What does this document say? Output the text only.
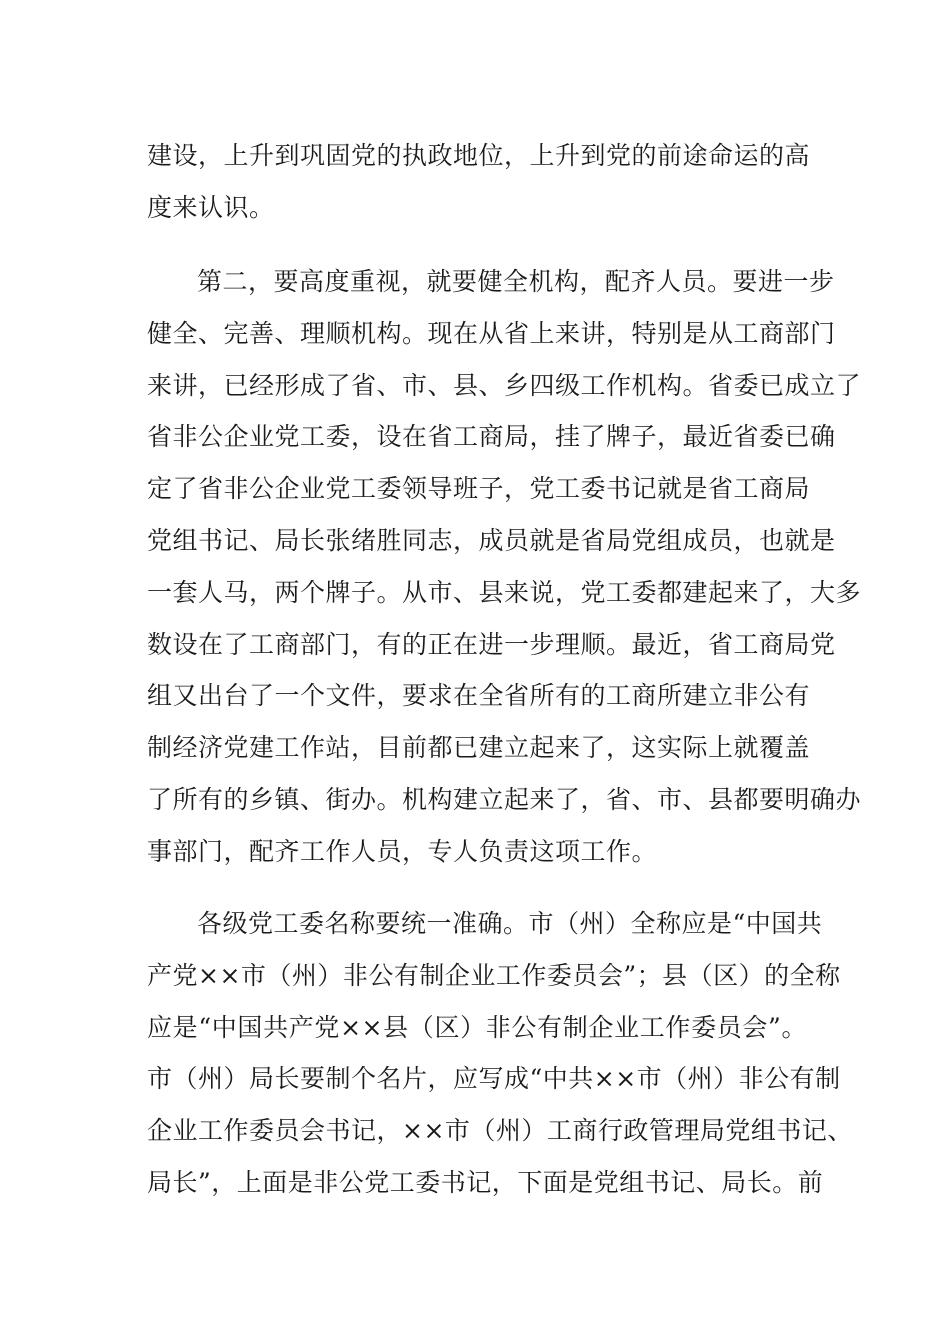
建设，上升到巩固党的执政地位，上升到党的前途命运的高
度来认识。
第二，要高度重视，就要健全机构，配齐人员。要进一步
健全、完善、理顺机构。现在从省上来讲，特别是从工商部门
来讲，已经形成了省、市、县、乡四级工作机构。省委已成立了
省非公企业党工委，设在省工商局，挂了牌子，最近省委已确
定了省非公企业党工委领导班子，党工委书记就是省工商局
党组书记、局长张绪胜同志，成员就是省局党组成员，也就是
一套人马，两个牌子。从市、县来说，党工委都建起来了，大多
数设在了工商部门，有的正在进一步理顺。最近，省工商局党
组又出台了一个文件，要求在全省所有的工商所建立非公有
制经济党建工作站，目前都已建立起来了，这实际上就覆盖
了所有的乡镇、街办。机构建立起来了，省、市、县都要明确办
事部门，配齐工作人员，专人负责这项工作。
各级党工委名称要统一准确。市（州）全称应是“中国共
产党××市（州）非公有制企业工作委员会”；县（区）的全称
应是“中国共产党××县（区）非公有制企业工作委员会”。
市（州）局长要制个名片，应写成“中共××市（州）非公有制
企业工作委员会书记，××市（州）工商行政管理局党组书记、
局长”，上面是非公党工委书记，下面是党组书记、局长。前
